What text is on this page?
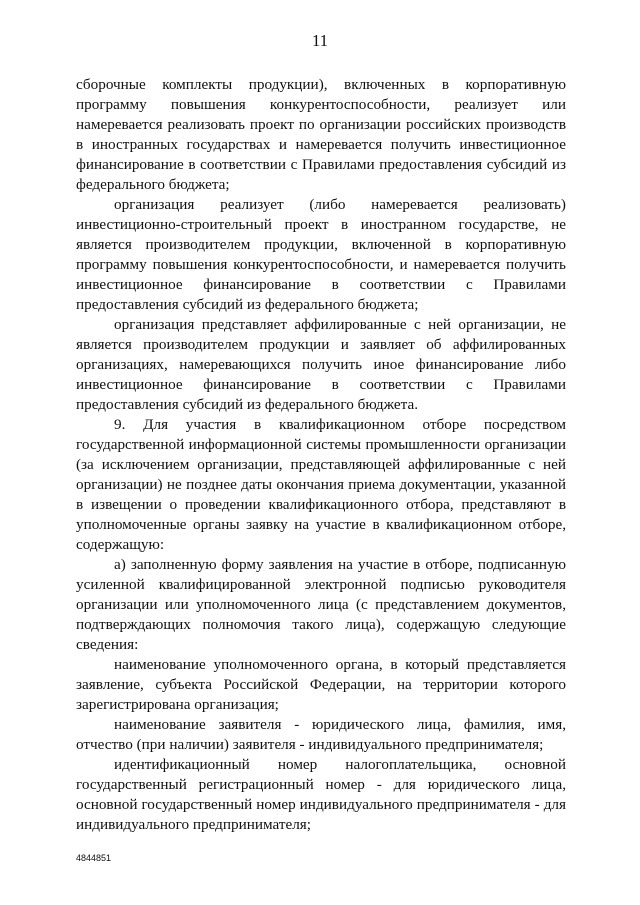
11

сборочные комплекты продукции), включенных в корпоративную программу повышения конкурентоспособности, реализует или намеревается реализовать проект по организации российских производств в иностранных государствах и намеревается получить инвестиционное финансирование в соответствии с Правилами предоставления субсидий из федерального бюджета;

организация реализует (либо намеревается реализовать) инвестиционно-строительный проект в иностранном государстве, не является производителем продукции, включенной в корпоративную программу повышения конкурентоспособности, и намеревается получить инвестиционное финансирование в соответствии с Правилами предоставления субсидий из федерального бюджета;

организация представляет аффилированные с ней организации, не является производителем продукции и заявляет об аффилированных организациях, намеревающихся получить иное финансирование либо инвестиционное финансирование в соответствии с Правилами предоставления субсидий из федерального бюджета.

9. Для участия в квалификационном отборе посредством государственной информационной системы промышленности организации (за исключением организации, представляющей аффилированные с ней организации) не позднее даты окончания приема документации, указанной в извещении о проведении квалификационного отбора, представляют в уполномоченные органы заявку на участие в квалификационном отборе, содержащую:

а) заполненную форму заявления на участие в отборе, подписанную усиленной квалифицированной электронной подписью руководителя организации или уполномоченного лица (с представлением документов, подтверждающих полномочия такого лица), содержащую следующие сведения:

наименование уполномоченного органа, в который представляется заявление, субъекта Российской Федерации, на территории которого зарегистрирована организация;

наименование заявителя - юридического лица, фамилия, имя, отчество (при наличии) заявителя - индивидуального предпринимателя;

идентификационный номер налогоплательщика, основной государственный регистрационный номер - для юридического лица, основной государственный номер индивидуального предпринимателя - для индивидуального предпринимателя;

4844851
